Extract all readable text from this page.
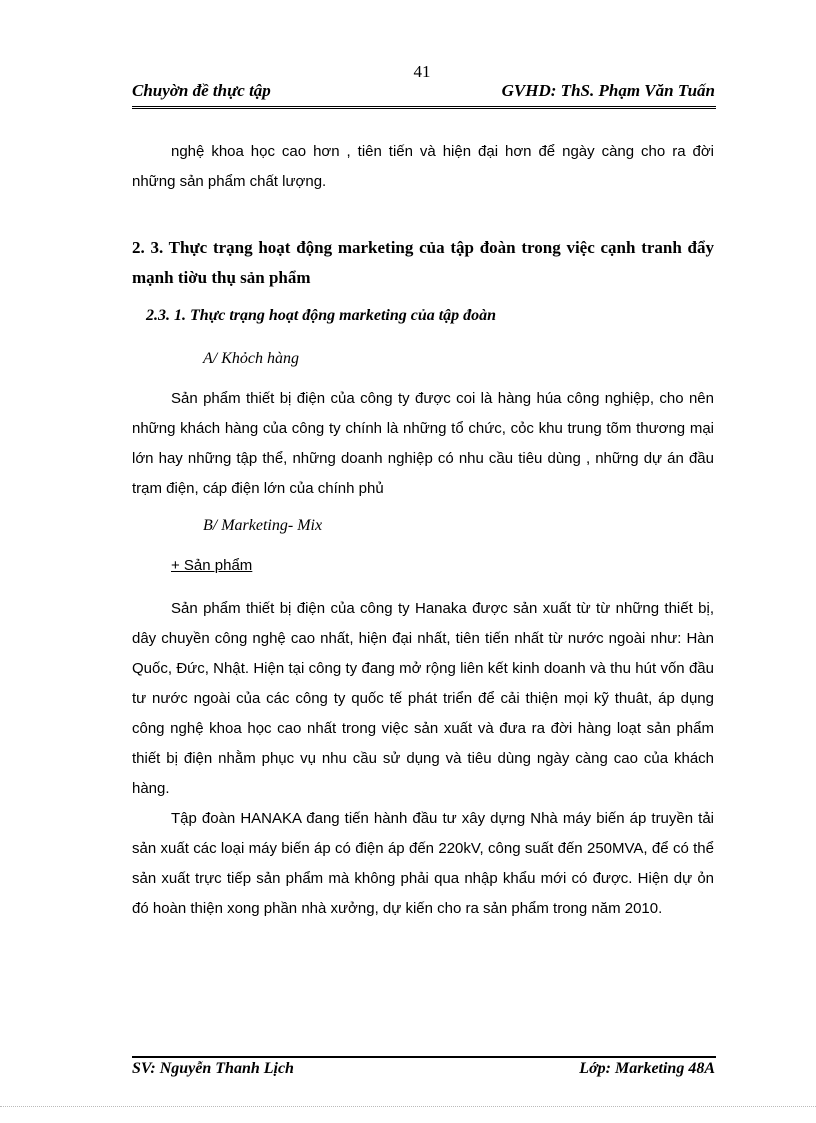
41
Chuyờn đề thực tập	GVHD: ThS. Phạm Văn Tuấn
nghệ khoa học cao hơn , tiên tiến và hiện đại hơn để ngày càng cho ra đời những sản phẩm chất lượng.
2. 3. Thực trạng hoạt động marketing của tập đoàn trong việc cạnh tranh đẩy mạnh tiờu thụ sản phẩm
2.3. 1. Thực trạng hoạt động marketing của tập đoàn
A/ Khỏch hàng
Sản phẩm thiết bị điện của công ty được coi là hàng húa công nghiệp, cho nên những khách hàng của công ty chính là những tổ chức, cỏc khu trung tõm thương mại lớn hay những tập thể, những doanh nghiệp có nhu cầu tiêu dùng , những dự án đầu trạm điện, cáp điện lớn của chính phủ
B/ Marketing- Mix
+ Sản phẩm
Sản phẩm thiết bị điện của công ty Hanaka được sản xuất từ từ những thiết bị, dây chuyền công nghệ cao nhất, hiện đại nhất, tiên tiến nhất từ nước ngoài như: Hàn Quốc, Đức, Nhật. Hiện tại công ty đang mở rộng liên kết kinh doanh và thu hút vốn đầu tư nước ngoài của các công ty quốc tế phát triển để cải thiện mọi kỹ thuât, áp dụng công nghệ khoa học cao nhất trong việc sản xuất và đưa ra đời hàng loạt sản phẩm thiết bị điện nhằm phục vụ nhu cầu sử dụng và tiêu dùng ngày càng cao của khách hàng.
Tập đoàn HANAKA đang tiến hành đầu tư xây dựng Nhà máy biến áp truyền tải sản xuất các loại máy biến áp có điện áp đến 220kV, công suất đến 250MVA, để có thể sản xuất trực tiếp sản phẩm mà không phải qua nhập khẩu mới có được. Hiện dự ỏn đó hoàn thiện xong phần nhà xưởng, dự kiến cho ra sản phẩm trong năm 2010.
SV: Nguyễn Thanh Lịch	Lớp: Marketing 48A
